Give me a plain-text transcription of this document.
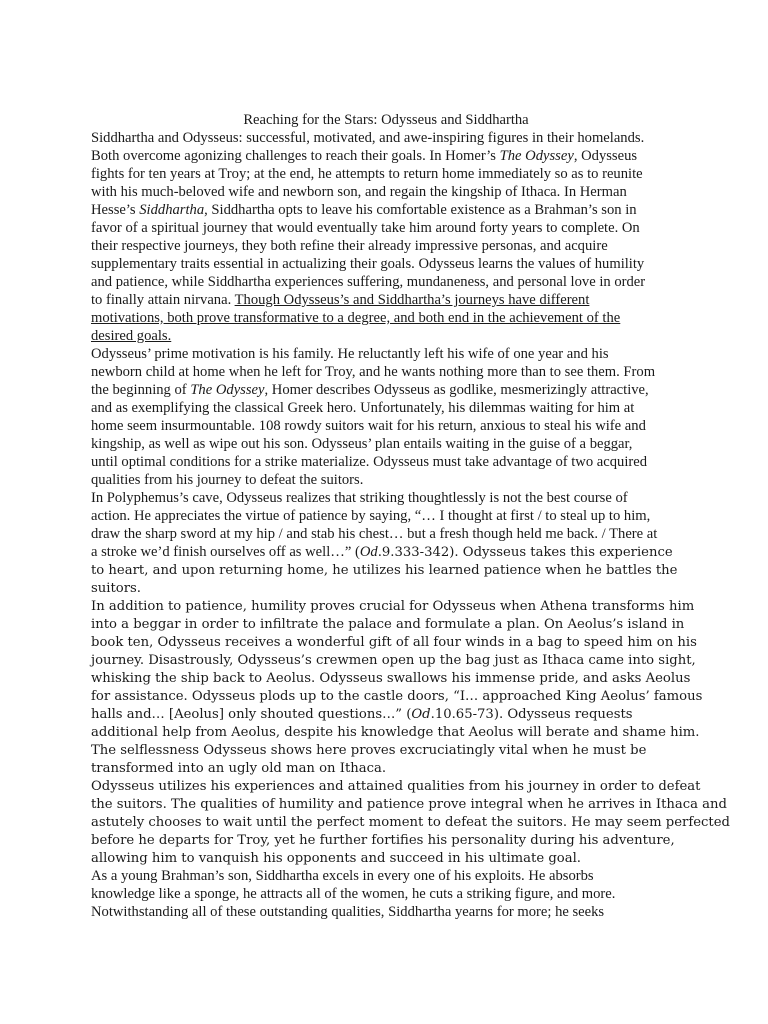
Reaching for the Stars: Odysseus and Siddhartha
Siddhartha and Odysseus: successful, motivated, and awe-inspiring figures in their homelands.
Both overcome agonizing challenges to reach their goals. In Homer’s The Odyssey, Odysseus
fights for ten years at Troy; at the end, he attempts to return home immediately so as to reunite
with his much-beloved wife and newborn son, and regain the kingship of Ithaca. In Herman
Hesse’s Siddhartha, Siddhartha opts to leave his comfortable existence as a Brahman’s son in
favor of a spiritual journey that would eventually take him around forty years to complete. On
their respective journeys, they both refine their already impressive personas, and acquire
supplementary traits essential in actualizing their goals. Odysseus learns the values of humility
and patience, while Siddhartha experiences suffering, mundaneness, and personal love in order
to finally attain nirvana. Though Odysseus’s and Siddhartha’s journeys have different
motivations, both prove transformative to a degree, and both end in the achievement of the
desired goals.
Odysseus’ prime motivation is his family. He reluctantly left his wife of one year and his
newborn child at home when he left for Troy, and he wants nothing more than to see them. From
the beginning of The Odyssey, Homer describes Odysseus as godlike, mesmerizingly attractive,
and as exemplifying the classical Greek hero. Unfortunately, his dilemmas waiting for him at
home seem insurmountable. 108 rowdy suitors wait for his return, anxious to steal his wife and
kingship, as well as wipe out his son. Odysseus’ plan entails waiting in the guise of a beggar,
until optimal conditions for a strike materialize. Odysseus must take advantage of two acquired
qualities from his journey to defeat the suitors.
In Polyphemus’s cave, Odysseus realizes that striking thoughtlessly is not the best course of
action. He appreciates the virtue of patience by saying, “… I thought at first / to steal up to him,
draw the sharp sword at my hip / and stab his chest… but a fresh though held me back. / There at
a stroke we’d finish ourselves off as well…” (Od.9.333-342). Odysseus takes this experience
to heart, and upon returning home, he utilizes his learned patience when he battles the
suitors.
In addition to patience, humility proves crucial for Odysseus when Athena transforms him
into a beggar in order to infiltrate the palace and formulate a plan. On Aeolus’s island in
book ten, Odysseus receives a wonderful gift of all four winds in a bag to speed him on his
journey. Disastrously, Odysseus’s crewmen open up the bag just as Ithaca came into sight,
whisking the ship back to Aeolus. Odysseus swallows his immense pride, and asks Aeolus
for assistance. Odysseus plods up to the castle doors, “I… approached King Aeolus’ famous
halls and… [Aeolus] only shouted questions…” (Od.10.65-73). Odysseus requests
additional help from Aeolus, despite his knowledge that Aeolus will berate and shame him.
The selflessness Odysseus shows here proves excruciatingly vital when he must be
transformed into an ugly old man on Ithaca.
Odysseus utilizes his experiences and attained qualities from his journey in order to defeat
the suitors. The qualities of humility and patience prove integral when he arrives in Ithaca and
astutely chooses to wait until the perfect moment to defeat the suitors. He may seem perfected
before he departs for Troy, yet he further fortifies his personality during his adventure,
allowing him to vanquish his opponents and succeed in his ultimate goal.
As a young Brahman’s son, Siddhartha excels in every one of his exploits. He absorbs
knowledge like a sponge, he attracts all of the women, he cuts a striking figure, and more.
Notwithstanding all of these outstanding qualities, Siddhartha yearns for more; he seeks
